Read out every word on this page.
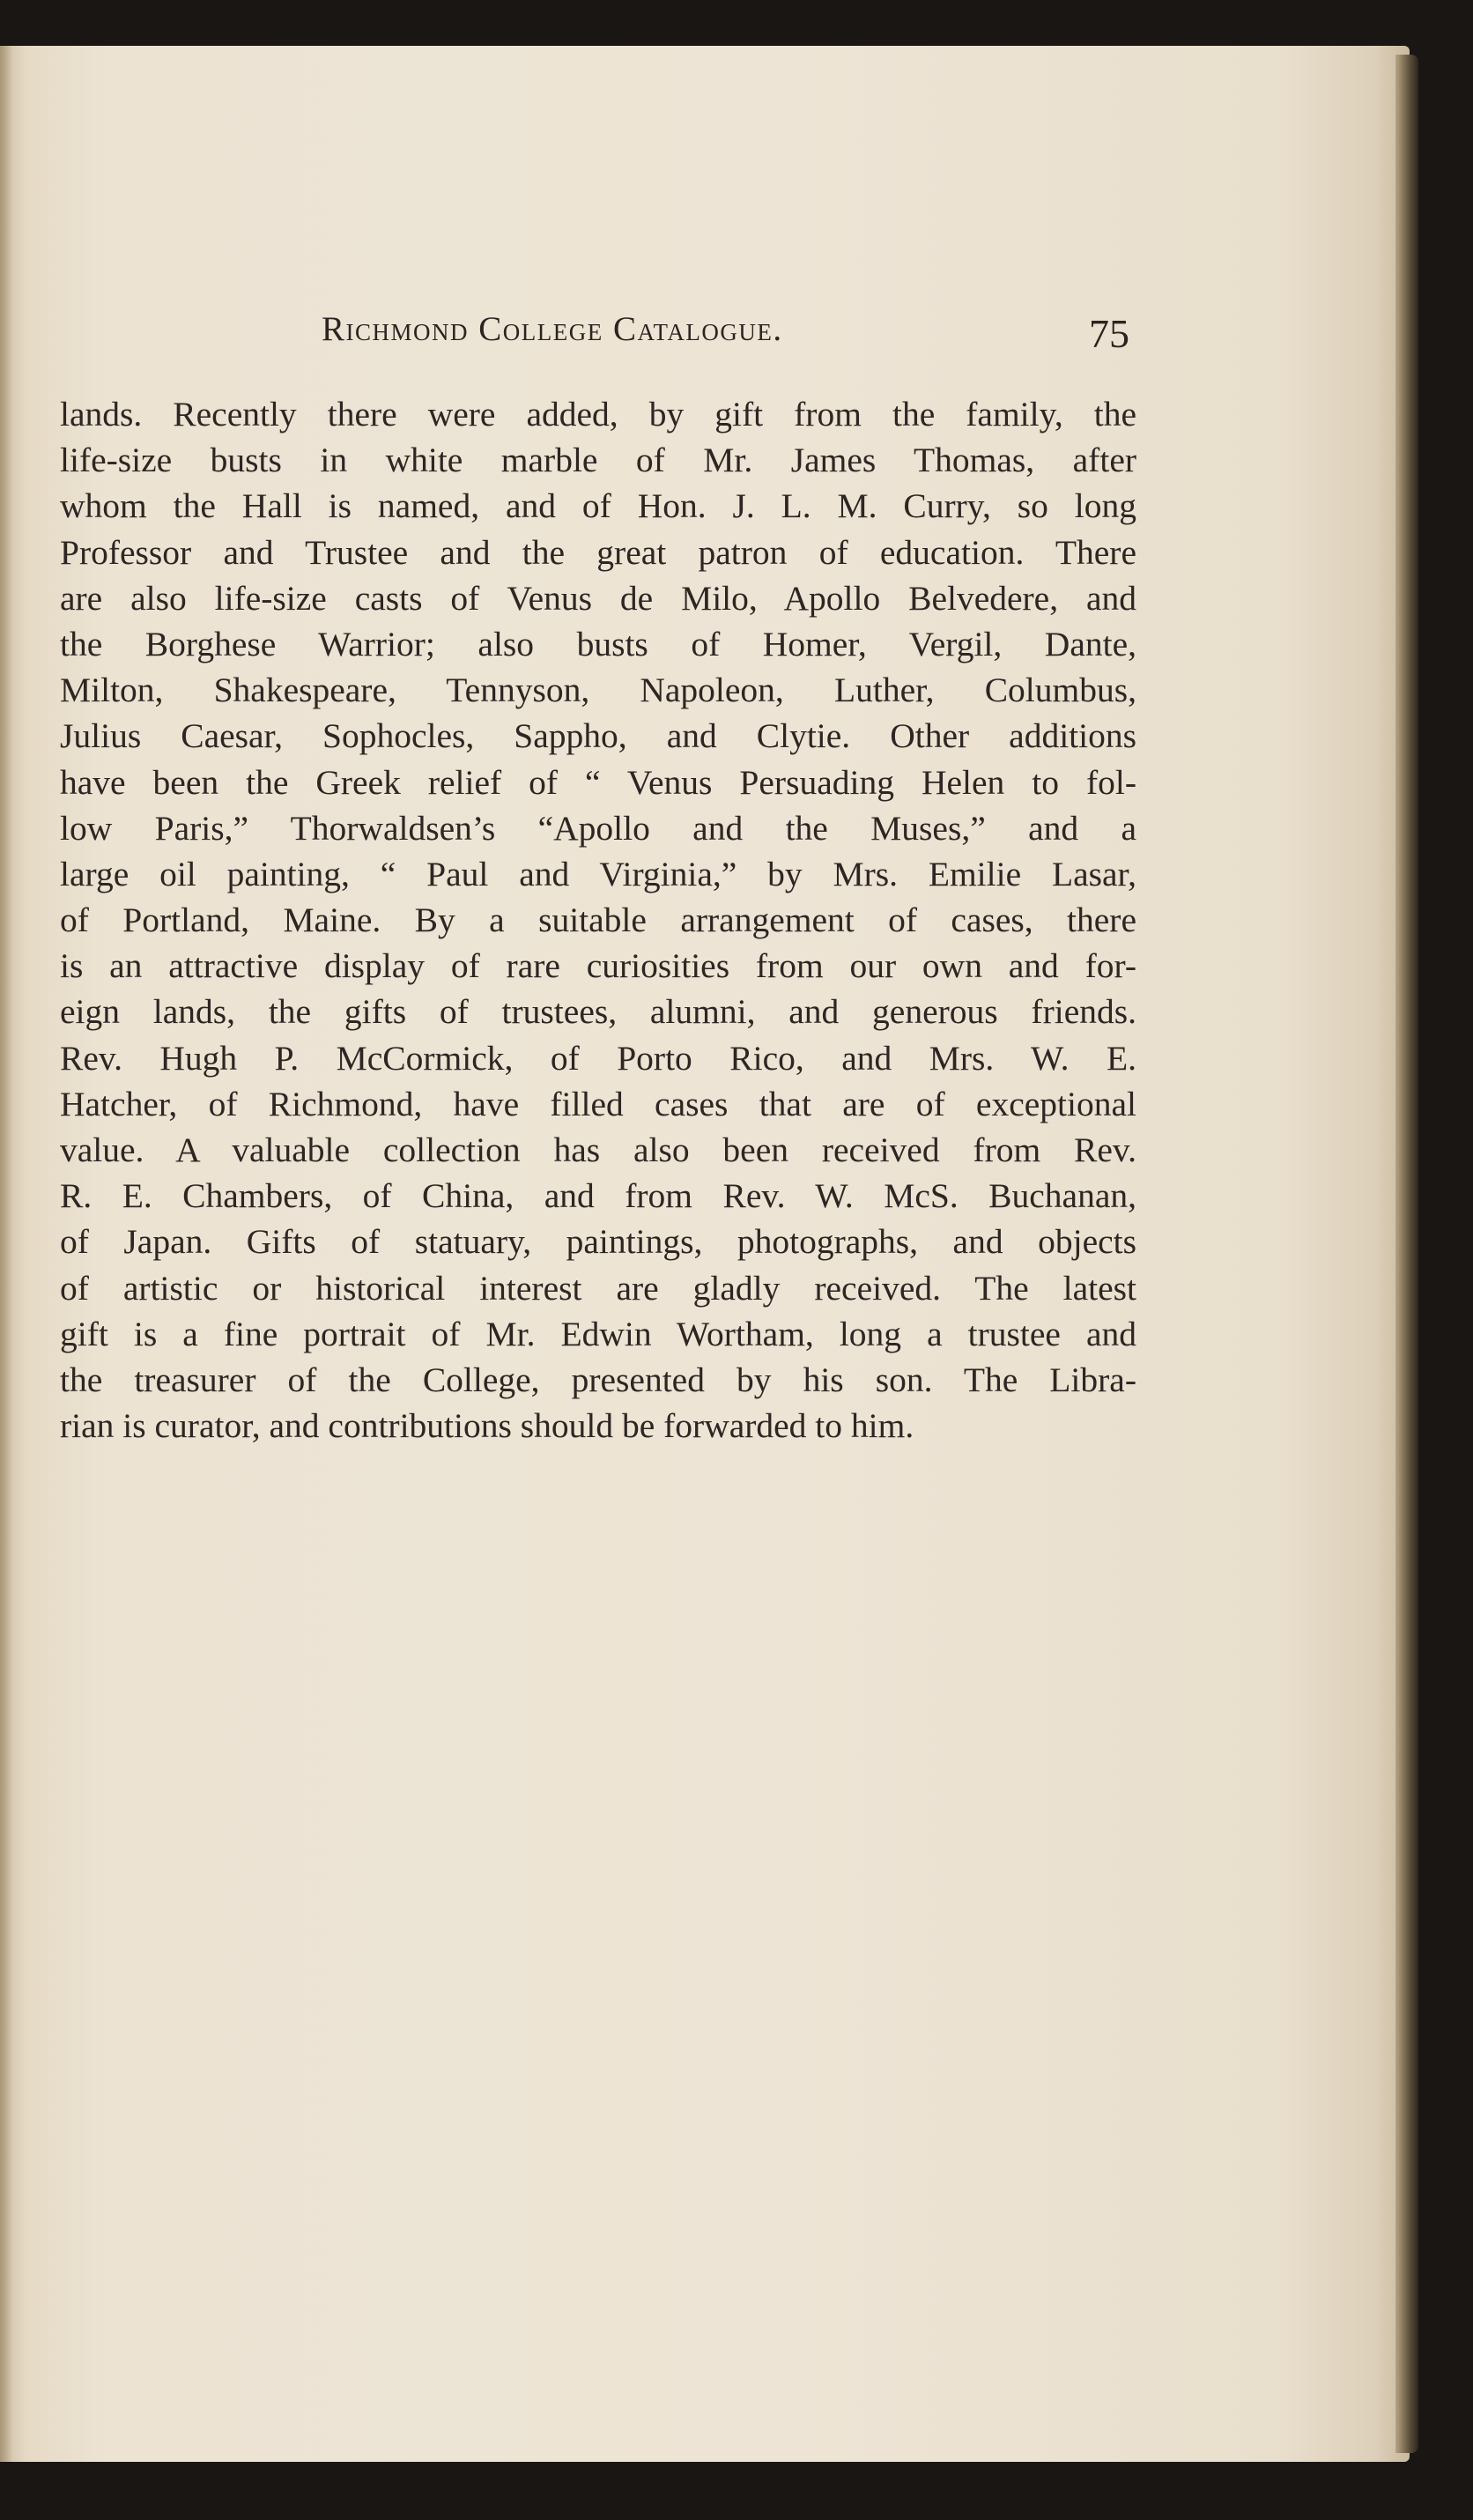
Richmond College Catalogue.	75
lands. Recently there were added, by gift from the family, the
life-size busts in white marble of Mr. James Thomas, after
whom the Hall is named, and of Hon. J. L. M. Curry, so long
Professor and Trustee and the great patron of education. There
are also life-size casts of Venus de Milo, Apollo Belvedere, and
the Borghese Warrior; also busts of Homer, Vergil, Dante,
Milton, Shakespeare, Tennyson, Napoleon, Luther, Columbus,
Julius Caesar, Sophocles, Sappho, and Clytie. Other additions
have been the Greek relief of “ Venus Persuading Helen to fol-
low Paris,” Thorwaldsen’s “Apollo and the Muses,” and a
large oil painting, “ Paul and Virginia,” by Mrs. Emilie Lasar,
of Portland, Maine. By a suitable arrangement of cases, there
is an attractive display of rare curiosities from our own and for-
eign lands, the gifts of trustees, alumni, and generous friends.
Rev. Hugh P. McCormick, of Porto Rico, and Mrs. W. E.
Hatcher, of Richmond, have filled cases that are of exceptional
value. A valuable collection has also been received from Rev.
R. E. Chambers, of China, and from Rev. W. McS. Buchanan,
of Japan. Gifts of statuary, paintings, photographs, and objects
of artistic or historical interest are gladly received. The latest
gift is a fine portrait of Mr. Edwin Wortham, long a trustee and
the treasurer of the College, presented by his son. The Libra-
rian is curator, and contributions should be forwarded to him.
